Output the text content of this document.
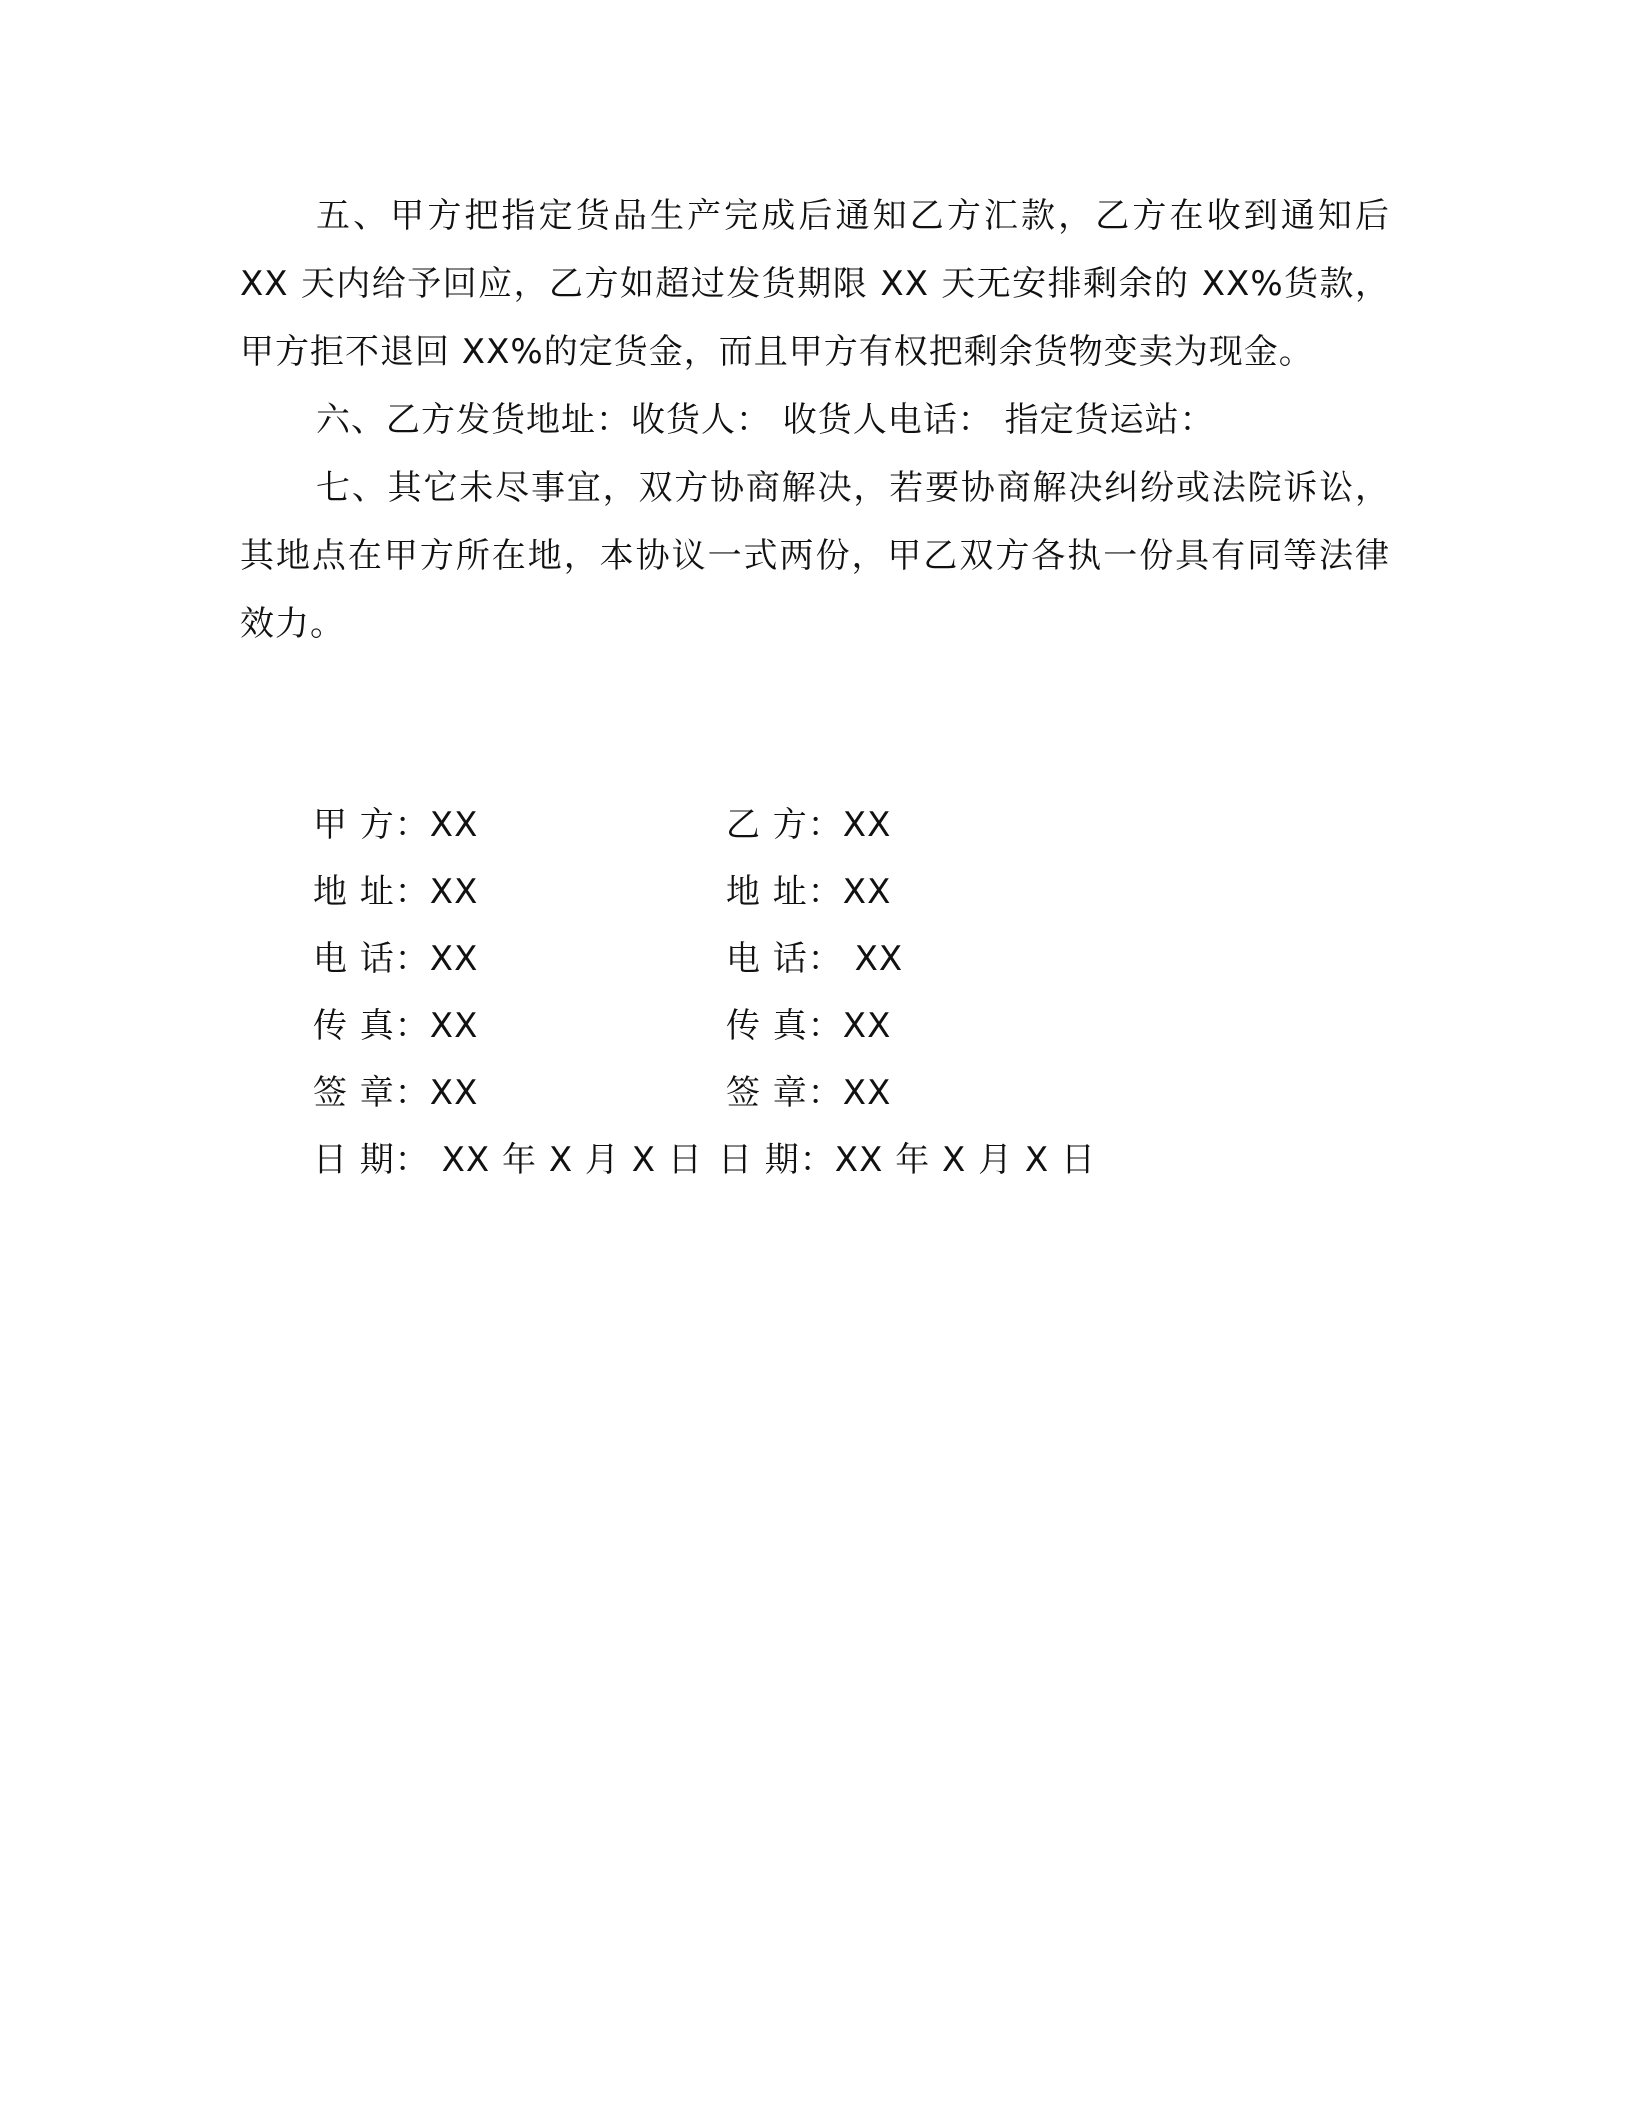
五、甲方把指定货品生产完成后通知乙方汇款，乙方在收到通知后 XX 天内给予回应，乙方如超过发货期限 XX 天无安排剩余的 XX%货款，甲方拒不退回 XX%的定货金，而且甲方有权把剩余货物变卖为现金。

六、乙方发货地址：收货人： 收货人电话： 指定货运站：

七、其它未尽事宜，双方协商解决，若要协商解决纠纷或法院诉讼，其地点在甲方所在地，本协议一式两份，甲乙双方各执一份具有同等法律效力。

甲 方：XX	乙 方：XX
地 址：XX	地 址：XX
电 话：XX	电 话： XX
传 真：XX	传 真：XX
签 章：XX	签 章：XX
日 期： XX 年 X 月 X 日 日 期：XX 年 X 月 X 日
